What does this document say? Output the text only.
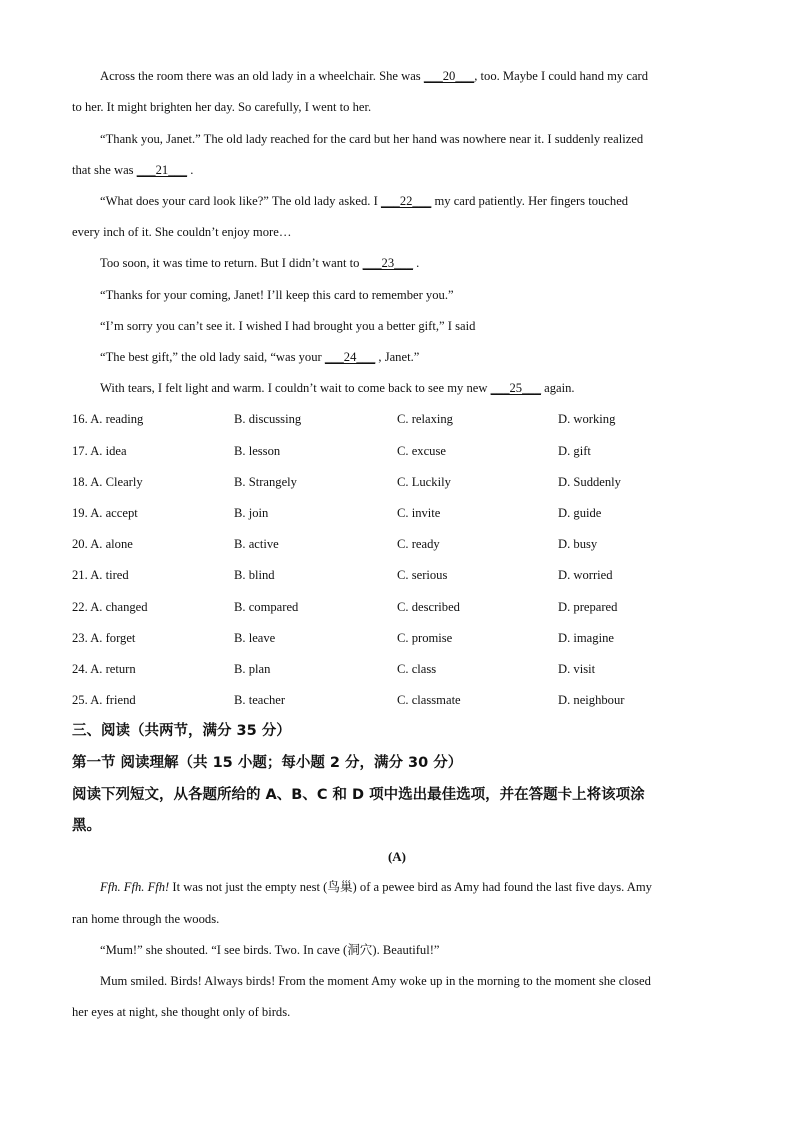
Across the room there was an old lady in a wheelchair. She was ___20___, too. Maybe I could hand my card
to her. It might brighten her day. So carefully, I went to her.
“Thank you, Janet.” The old lady reached for the card but her hand was nowhere near it. I suddenly realized
that she was ___21___ .
“What does your card look like?” The old lady asked. I ___22___ my card patiently. Her fingers touched
every inch of it. She couldn’t enjoy more…
Too soon, it was time to return. But I didn’t want to ___23___ .
“Thanks for your coming, Janet! I’ll keep this card to remember you.”
“I’m sorry you can’t see it. I wished I had brought you a better gift,” I said
“The best gift,” the old lady said, “was your ___24___ , Janet.”
With tears, I felt light and warm. I couldn’t wait to come back to see my new ___25___ again.
16. A. reading	B. discussing	C. relaxing	D. working
17. A. idea	B. lesson	C. excuse	D. gift
18. A. Clearly	B. Strangely	C. Luckily	D. Suddenly
19. A. accept	B. join	C. invite	D. guide
20. A. alone	B. active	C. ready	D. busy
21. A. tired	B. blind	C. serious	D. worried
22. A. changed	B. compared	C. described	D. prepared
23. A. forget	B. leave	C. promise	D. imagine
24. A. return	B. plan	C. class	D. visit
25. A. friend	B. teacher	C. classmate	D. neighbour
三、阅读（共两节，满分 35 分）
第一节 阅读理解（共 15 小题；每小题 2 分，满分 30 分）
阅读下列短文，从各题所给的 A、B、C 和 D 项中选出最佳选项，并在答题卡上将该项涂
黑。
(A)
Ffh. Ffh. Ffh! It was not just the empty nest (鸟巢) of a pewee bird as Amy had found the last five days. Amy
ran home through the woods.
“Mum!” she shouted. “I see birds. Two. In cave (洞穴). Beautiful!”
Mum smiled. Birds! Always birds! From the moment Amy woke up in the morning to the moment she closed
her eyes at night, she thought only of birds.
